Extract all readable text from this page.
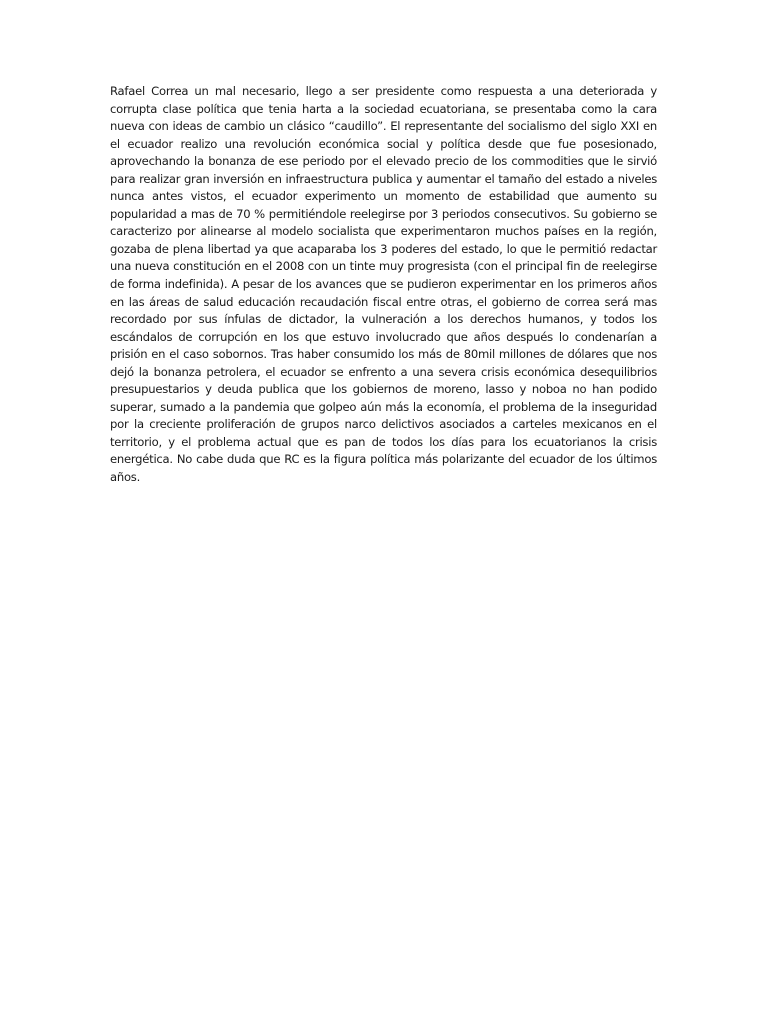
Rafael Correa un mal necesario, llego a ser presidente como respuesta a una deteriorada y corrupta clase política que tenia harta a la sociedad ecuatoriana, se presentaba como la cara nueva con ideas de cambio un clásico “caudillo”. El representante del socialismo del siglo XXI en el ecuador realizo una revolución económica social y política desde que fue posesionado, aprovechando la bonanza de ese periodo por el elevado precio de los commodities que le sirvió para realizar gran inversión en infraestructura publica y aumentar el tamaño del estado a niveles nunca antes vistos, el ecuador experimento un momento de estabilidad que aumento su popularidad a mas de 70 % permitiéndole reelegirse por 3 periodos consecutivos. Su gobierno se caracterizo por alinearse al modelo socialista que experimentaron muchos países en la región, gozaba de plena libertad ya que acaparaba los 3 poderes del estado, lo que le permitió redactar una nueva constitución en el 2008 con un tinte muy progresista (con el principal fin de reelegirse de forma indefinida). A pesar de los avances que se pudieron experimentar en los primeros años en las áreas de salud educación recaudación fiscal entre otras, el gobierno de correa será mas recordado por sus ínfulas de dictador, la vulneración a los derechos humanos, y todos los escándalos de corrupción en los que estuvo involucrado que años después lo condenarían a prisión en el caso sobornos. Tras haber consumido los más de 80mil millones de dólares que nos dejó la bonanza petrolera, el ecuador se enfrento a una severa crisis económica desequilibrios presupuestarios y deuda publica que los gobiernos de moreno, lasso y noboa no han podido superar, sumado a la pandemia que golpeo aún más la economía, el problema de la inseguridad por la creciente proliferación de grupos narco delictivos asociados a carteles mexicanos en el territorio, y el problema actual que es pan de todos los días para los ecuatorianos la crisis energética. No cabe duda que RC es la figura política más polarizante del ecuador de los últimos años.
